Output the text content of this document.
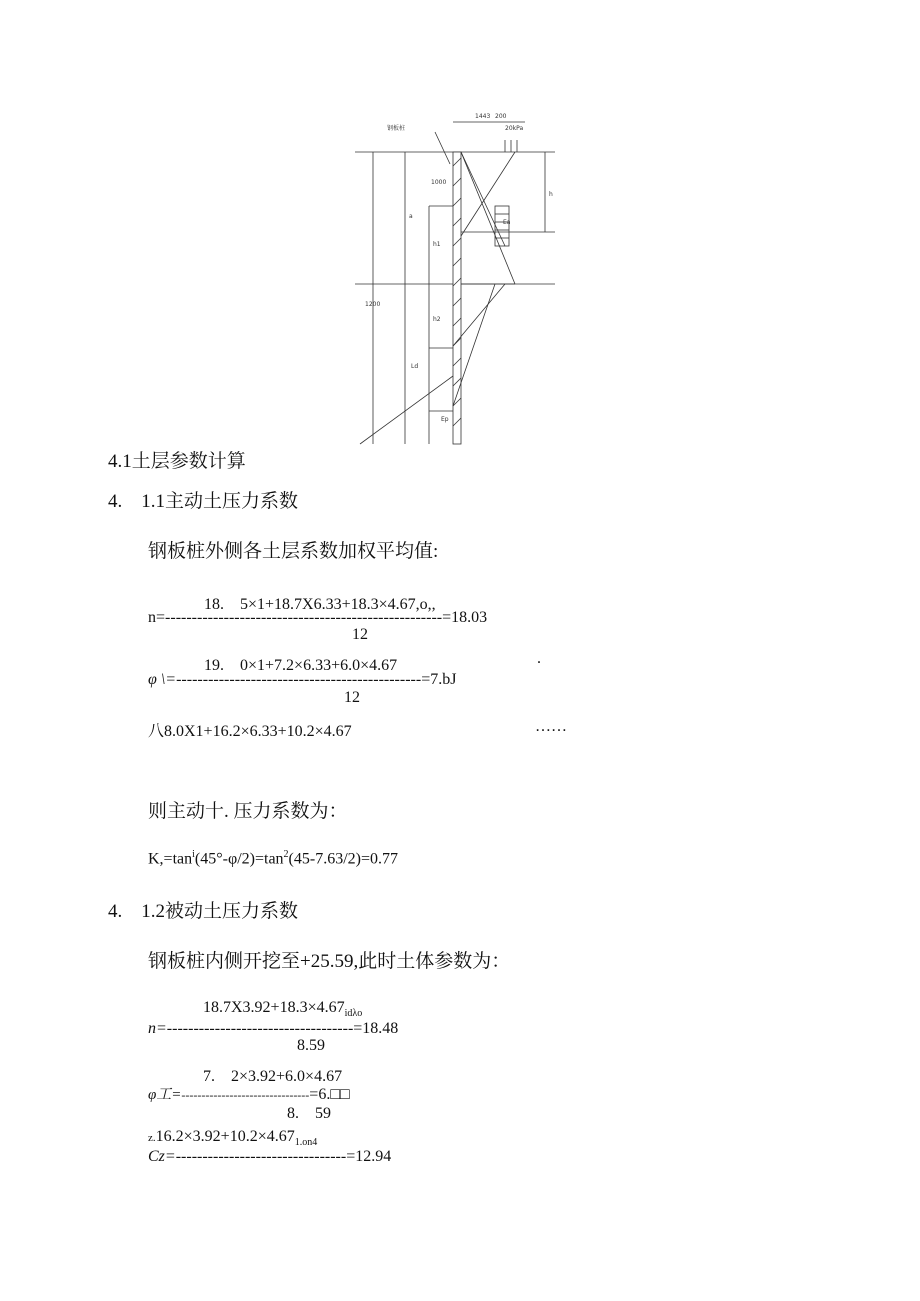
钢板桩
1443 200
20kPa
1200
1000
Ea
h
a
h1
h2
Ld
Ep
4.1土层参数计算
4.　1.1主动土压力系数
钢板桩外侧各土层系数加权平均值:
18.　5×1+18.7X6.33+18.3×4.67,o,,
n=----------------------------------------------------=18.03
12
19.　0×1+7.2×6.33+6.0×4.67	.
φ \=----------------------------------------------=7.bJ
12
八8.0X1+16.2×6.33+10.2×4.67	……
则主动十. 压力系数为：
$K,=\tan^i(45^\circ-\varphi/2)=\tan^2(45-7.63/2)=0.77$
4.　1.2被动土压力系数
钢板桩内侧开挖至+25.59,此时土体参数为：
$18.7X3.92+18.3\times 4.67_{id\lambda o}$
n=-----------------------------------=18.48
8.59
7.　2×3.92+6.0×4.67
φ工=--------------------------------=6.□□
8.　59
$z.16.2\times 3.92+10.2\times 4.67_{1.on4}$
Cz=--------------------------------=12.94
